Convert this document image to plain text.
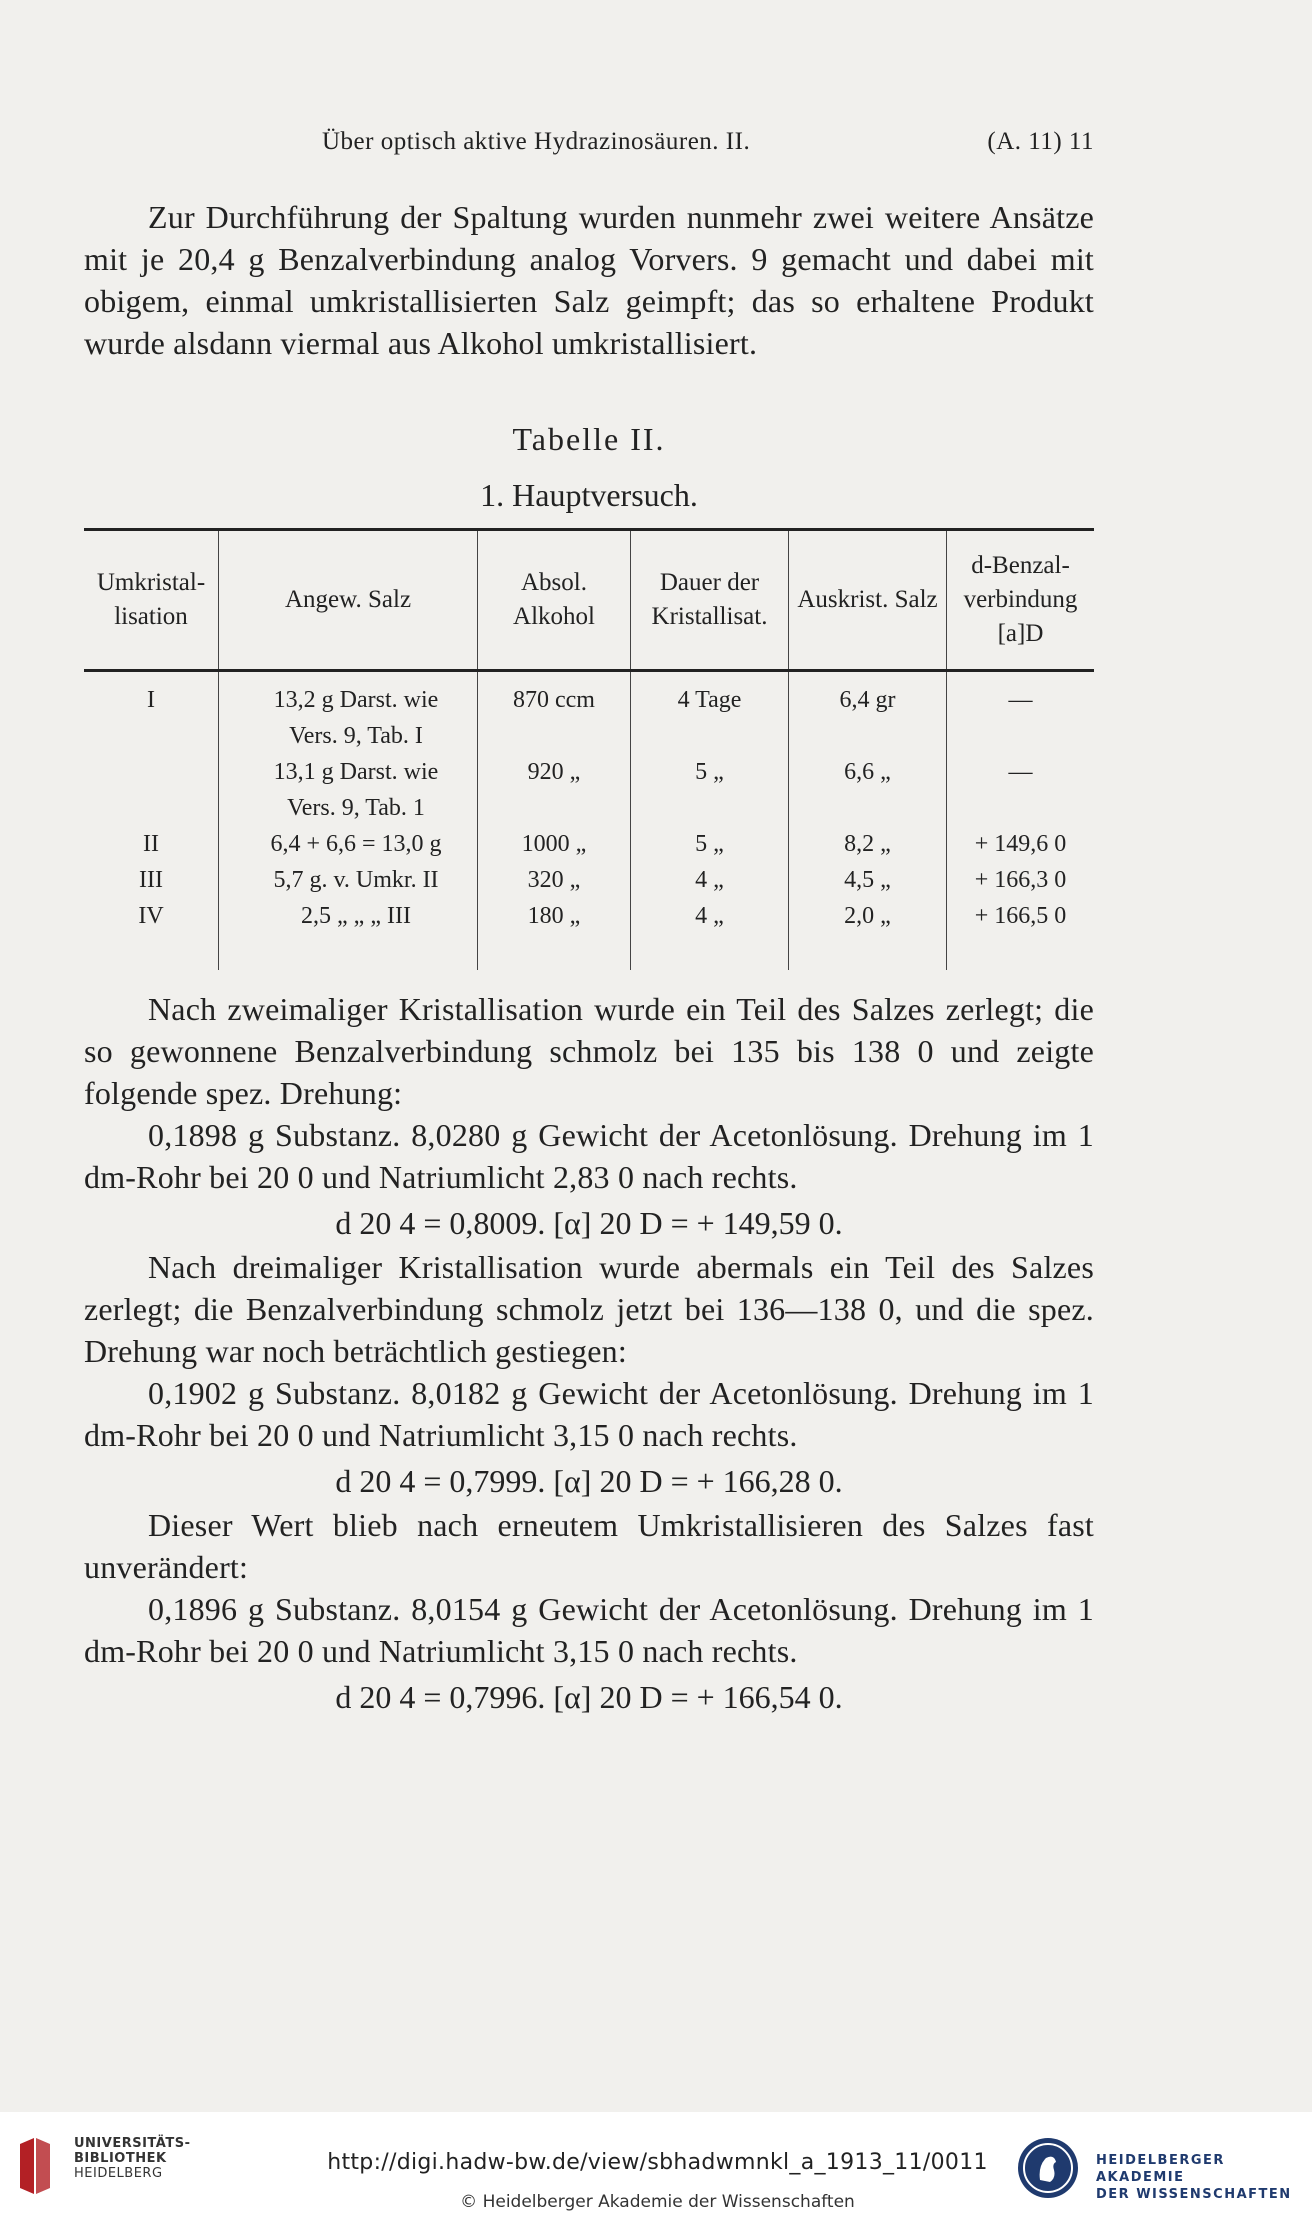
Über optisch aktive Hydrazinosäuren. II.	(A. 11) 11

Zur Durchführung der Spaltung wurden nunmehr zwei weitere Ansätze mit je 20,4 g Benzalverbindung analog Vorvers. 9 gemacht und dabei mit obigem, einmal umkristallisierten Salz geimpft; das so erhaltene Produkt wurde alsdann viermal aus Alkohol umkristallisiert.

Tabelle II.
1. Hauptversuch.
Umkristal-lisation	Angew. Salz	Absol. Alkohol	Dauer der Kristallisat.	Auskrist. Salz	d-Benzal-verbindung [a]D
I	13,2 g Darst. wie	870 ccm	4 Tage	6,4 gr	—
	Vers. 9, Tab. I				
	13,1 g Darst. wie	920 „	5 „	6,6 „	—
	Vers. 9, Tab. 1				
II	6,4 + 6,6 = 13,0 g	1000 „	5 „	8,2 „	+ 149,6 0
III	5,7 g. v. Umkr. II	320 „	4 „	4,5 „	+ 166,3 0
IV	2,5 „ „ „ III	180 „	4 „	2,0 „	+ 166,5 0

Nach zweimaliger Kristallisation wurde ein Teil des Salzes zerlegt; die so gewonnene Benzalverbindung schmolz bei 135 bis 138 0 und zeigte folgende spez. Drehung:

0,1898 g Substanz. 8,0280 g Gewicht der Acetonlösung. Drehung im 1 dm-Rohr bei 20 0 und Natriumlicht 2,83 0 nach rechts.

d 20 4 = 0,8009. [α] 20 D = + 149,59 0.

Nach dreimaliger Kristallisation wurde abermals ein Teil des Salzes zerlegt; die Benzalverbindung schmolz jetzt bei 136—138 0, und die spez. Drehung war noch beträchtlich gestiegen:

0,1902 g Substanz. 8,0182 g Gewicht der Acetonlösung. Drehung im 1 dm-Rohr bei 20 0 und Natriumlicht 3,15 0 nach rechts.

d 20 4 = 0,7999. [α] 20 D = + 166,28 0.

Dieser Wert blieb nach erneutem Umkristallisieren des Salzes fast unverändert:

0,1896 g Substanz. 8,0154 g Gewicht der Acetonlösung. Drehung im 1 dm-Rohr bei 20 0 und Natriumlicht 3,15 0 nach rechts.

d 20 4 = 0,7996. [α] 20 D = + 166,54 0.
UNIVERSITÄTS-
BIBLIOTHEK
HEIDELBERG	http://digi.hadw-bw.de/view/sbhadwmnkl_a_1913_11/0011
© Heidelberger Akademie der Wissenschaften
HEIDELBERGER AKADEMIE
DER WISSENSCHAFTEN
